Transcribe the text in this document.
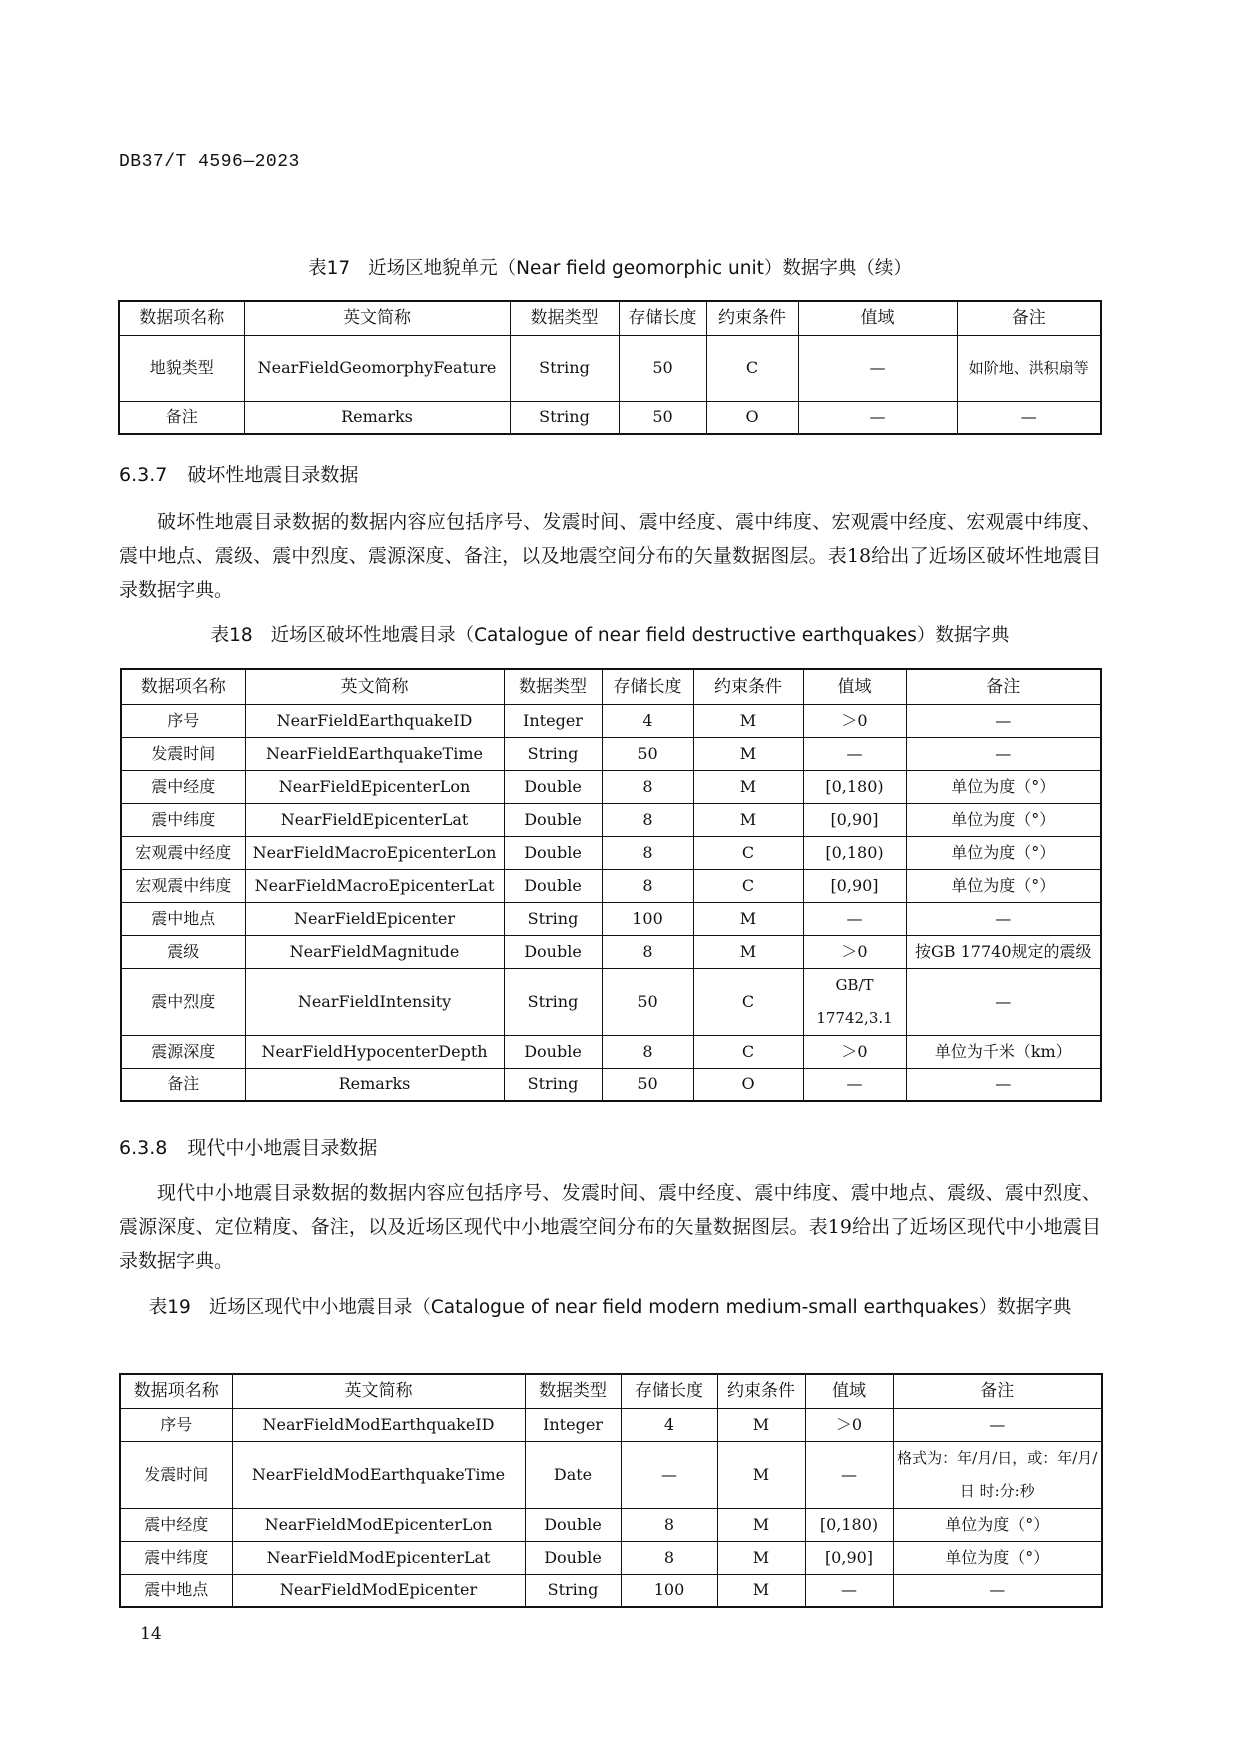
DB37/T 4596—2023
表17 近场区地貌单元（Near field geomorphic unit）数据字典（续）
数据项名称	英文简称	数据类型	存储长度	约束条件	值域	备注
地貌类型	NearFieldGeomorphyFeature	String	50	C	—	如阶地、洪积扇等
备注	Remarks	String	50	O	—	—
6.3.7 破坏性地震目录数据

破坏性地震目录数据的数据内容应包括序号、发震时间、震中经度、震中纬度、宏观震中经度、宏观震中纬度、震中地点、震级、震中烈度、震源深度、备注，以及地震空间分布的矢量数据图层。表18给出了近场区破坏性地震目录数据字典。

表18 近场区破坏性地震目录（Catalogue of near field destructive earthquakes）数据字典
数据项名称	英文简称	数据类型	存储长度	约束条件	值域	备注
序号	NearFieldEarthquakeID	Integer	4	M	＞0	—
发震时间	NearFieldEarthquakeTime	String	50	M	—	—
震中经度	NearFieldEpicenterLon	Double	8	M	[0,180)	单位为度（°）
震中纬度	NearFieldEpicenterLat	Double	8	M	[0,90]	单位为度（°）
宏观震中经度	NearFieldMacroEpicenterLon	Double	8	C	[0,180)	单位为度（°）
宏观震中纬度	NearFieldMacroEpicenterLat	Double	8	C	[0,90]	单位为度（°）
震中地点	NearFieldEpicenter	String	100	M	—	—
震级	NearFieldMagnitude	Double	8	M	＞0	按GB 17740规定的震级
震中烈度	NearFieldIntensity	String	50	C	GB/T 17742,3.1	—
震源深度	NearFieldHypocenterDepth	Double	8	C	＞0	单位为千米（km）
备注	Remarks	String	50	O	—	—
6.3.8 现代中小地震目录数据

现代中小地震目录数据的数据内容应包括序号、发震时间、震中经度、震中纬度、震中地点、震级、震中烈度、震源深度、定位精度、备注，以及近场区现代中小地震空间分布的矢量数据图层。表19给出了近场区现代中小地震目录数据字典。

表19 近场区现代中小地震目录（Catalogue of near field modern medium-small earthquakes）数据字典
数据项名称	英文简称	数据类型	存储长度	约束条件	值域	备注
序号	NearFieldModEarthquakeID	Integer	4	M	＞0	—
发震时间	NearFieldModEarthquakeTime	Date	—	M	—	格式为：年/月/日，或：年/月/日 时:分:秒
震中经度	NearFieldModEpicenterLon	Double	8	M	[0,180)	单位为度（°）
震中纬度	NearFieldModEpicenterLat	Double	8	M	[0,90]	单位为度（°）
震中地点	NearFieldModEpicenter	String	100	M	—	—
14
